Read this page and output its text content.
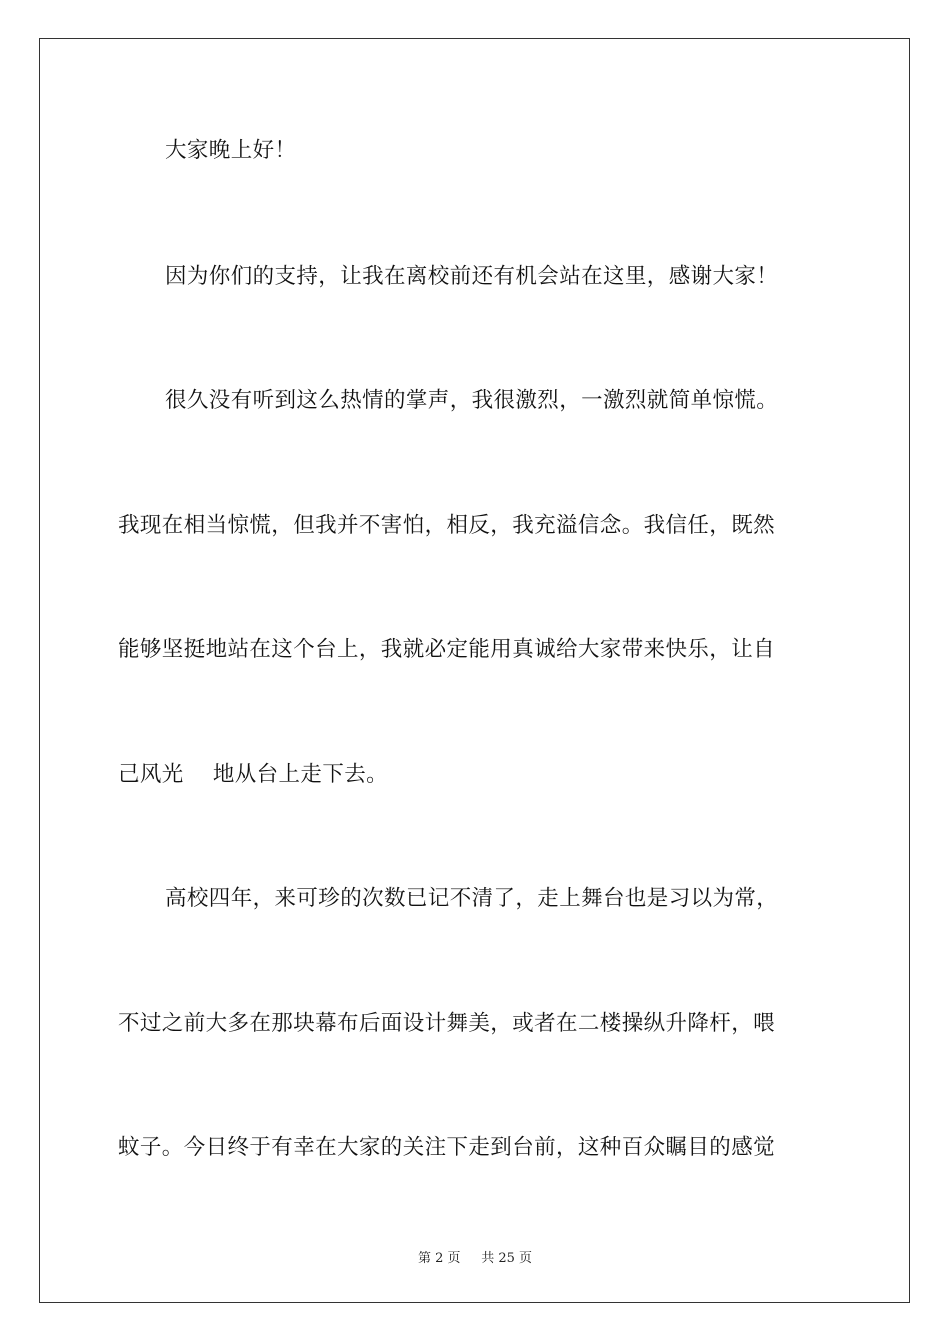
大家晚上好！
因为你们的支持，让我在离校前还有机会站在这里，感谢大家！
很久没有听到这么热情的掌声，我很激烈，一激烈就简单惊慌。
我现在相当惊慌，但我并不害怕，相反，我充溢信念。我信任，既然
能够坚挺地站在这个台上，我就必定能用真诚给大家带来快乐，让自
己风光　 地从台上走下去。
高校四年，来可珍的次数已记不清了，走上舞台也是习以为常，
不过之前大多在那块幕布后面设计舞美，或者在二楼操纵升降杆，喂
蚊子。今日终于有幸在大家的关注下走到台前，这种百众瞩目的感觉
第 2 页 共 25 页
